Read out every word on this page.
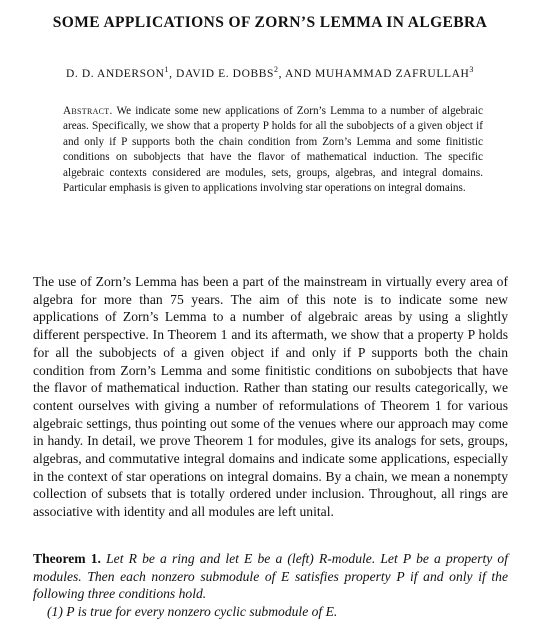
SOME APPLICATIONS OF ZORN’S LEMMA IN ALGEBRA
D. D. ANDERSON$^1$, DAVID E. DOBBS$^2$, AND MUHAMMAD ZAFRULLAH$^3$
Abstract. We indicate some new applications of Zorn’s Lemma to a number of algebraic areas. Specifically, we show that a property P holds for all the subobjects of a given object if and only if P supports both the chain condition from Zorn’s Lemma and some finitistic conditions on subobjects that have the flavor of mathematical induction. The specific algebraic contexts considered are modules, sets, groups, algebras, and integral domains. Particular emphasis is given to applications involving star operations on integral domains.
The use of Zorn’s Lemma has been a part of the mainstream in virtually every area of algebra for more than 75 years. The aim of this note is to indicate some new applications of Zorn’s Lemma to a number of algebraic areas by using a slightly different perspective. In Theorem 1 and its aftermath, we show that a property P holds for all the subobjects of a given object if and only if P supports both the chain condition from Zorn’s Lemma and some finitistic conditions on subobjects that have the flavor of mathematical induction. Rather than stating our results categorically, we content ourselves with giving a number of reformulations of Theorem 1 for various algebraic settings, thus pointing out some of the venues where our approach may come in handy. In detail, we prove Theorem 1 for modules, give its analogs for sets, groups, algebras, and commutative integral domains and indicate some applications, especially in the context of star operations on integral domains. By a chain, we mean a nonempty collection of subsets that is totally ordered under inclusion. Throughout, all rings are associative with identity and all modules are left unital.
Theorem 1. Let R be a ring and let E be a (left) R-module. Let P be a property of modules. Then each nonzero submodule of E satisfies property P if and only if the following three conditions hold.
(1) P is true for every nonzero cyclic submodule of E.
